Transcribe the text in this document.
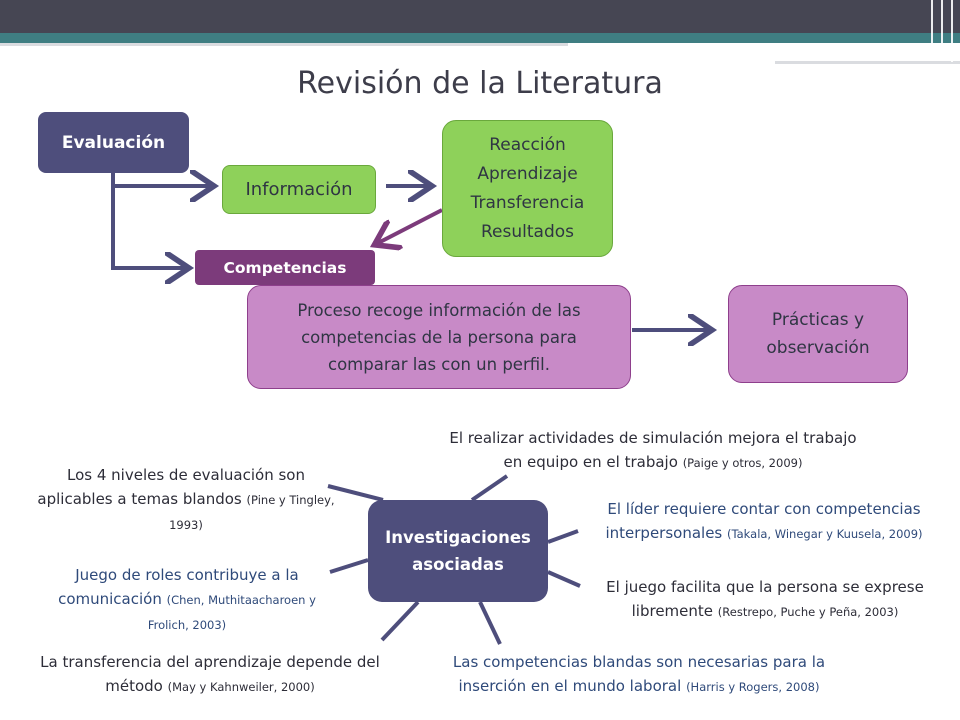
Revisión de la Literatura
Evaluación
Información
Reacción
Aprendizaje
Transferencia
Resultados
Competencias
Proceso recoge información de las competencias de la persona para comparar las con un perfil.
Prácticas y observación
Investigaciones asociadas
El realizar actividades de simulación mejora el trabajo en equipo en el trabajo (Paige y otros, 2009)
Los 4 niveles de evaluación son aplicables a temas blandos (Pine y Tingley, 1993)
El líder requiere contar con competencias interpersonales (Takala, Winegar y Kuusela, 2009)
Juego de roles contribuye a la comunicación (Chen, Muthitaacharoen y Frolich, 2003)
El juego facilita que la persona se exprese libremente (Restrepo, Puche y Peña, 2003)
La transferencia del aprendizaje depende del método (May y Kahnweiler, 2000)
Las competencias blandas son necesarias para la inserción en el mundo laboral (Harris y Rogers, 2008)
